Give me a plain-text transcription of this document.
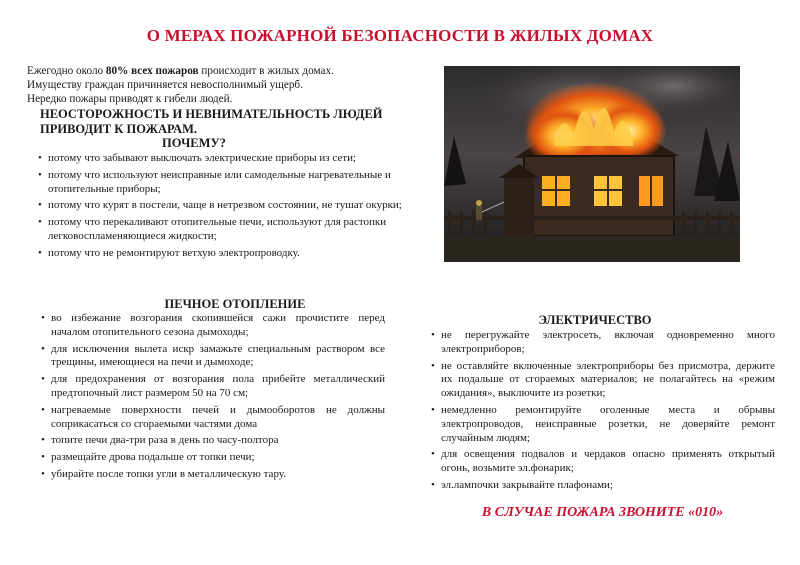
О МЕРАХ ПОЖАРНОЙ БЕЗОПАСНОСТИ В ЖИЛЫХ ДОМАХ
Ежегодно около 80% всех пожаров происходит в жилых домах.
Имуществу граждан причиняется невосполнимый ущерб.
Нередко пожары приводят к гибели людей.
НЕОСТОРОЖНОСТЬ И НЕВНИМАТЕЛЬНОСТЬ ЛЮДЕЙ ПРИВОДИТ К ПОЖАРАМ.
ПОЧЕМУ?
• потому что забывают выключать электрические приборы из сети;
• потому что используют неисправные или самодельные нагревательные и отопительные приборы;
• потому что курят в постели, чаще в нетрезвом состоянии, не тушат окурки;
• потому что перекаливают отопительные печи, используют для растопки легковоспламеняющиеся жидкости;
• потому что не ремонтируют ветхую электропроводку.
ПЕЧНОЕ ОТОПЛЕНИЕ
• во избежание возгорания скопившейся сажи прочистите перед началом отопительного сезона дымоходы;
• для исключения вылета искр замажьте специальным раствором все трещины, имеющиеся на печи и дымоходе;
• для предохранения от возгорания пола прибейте металлический предтопочный лист размером 50 на 70 см;
• нагреваемые поверхности печей и дымооборотов не должны соприкасаться со сгораемыми частями дома
• топите печи два-три раза в день по часу-полтора
• размещайте дрова подальше от топки печи;
• убирайте после топки угли в металлическую тару.
ЭЛЕКТРИЧЕСТВО
• не перегружайте электросеть, включая одновременно много электроприборов;
• не оставляйте включенные электроприборы без присмотра, держите их подальше от сгораемых материалов; не полагайтесь на «режим ожидания», выключите из розетки;
• немедленно ремонтируйте оголенные места и обрывы электропроводов, неисправные розетки, не доверяйте ремонт случайным людям;
• для освещения подвалов и чердаков опасно применять открытый огонь, возьмите эл.фонарик;
• эл.лампочки закрывайте плафонами;
В СЛУЧАЕ ПОЖАРА ЗВОНИТЕ «010»
